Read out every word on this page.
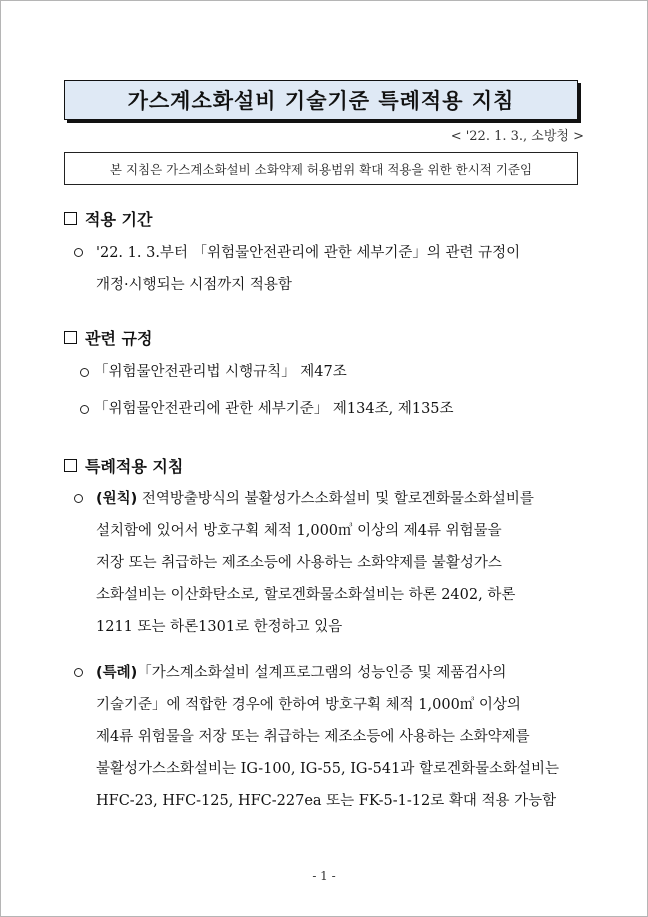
가스계소화설비 기술기준 특례적용 지침
< '22. 1. 3., 소방청 >
본 지침은 가스계소화설비 소화약제 허용범위 확대 적용을 위한 한시적 기준임
적용 기간
'22. 1. 3.부터 「위험물안전관리에 관한 세부기준」의 관련 규정이
개정·시행되는 시점까지 적용함
관련 규정
「위험물안전관리법 시행규칙」 제47조
「위험물안전관리에 관한 세부기준」 제134조, 제135조
특례적용 지침
(원칙) 전역방출방식의 불활성가스소화설비 및 할로겐화물소화설비를
설치함에 있어서 방호구획 체적 1,000㎥ 이상의 제4류 위험물을
저장 또는 취급하는 제조소등에 사용하는 소화약제를 불활성가스
소화설비는 이산화탄소로, 할로겐화물소화설비는 하론 2402, 하론
1211 또는 하론1301로 한정하고 있음
(특례)「가스계소화설비 설계프로그램의 성능인증 및 제품검사의
기술기준」에 적합한 경우에 한하여 방호구획 체적 1,000㎥ 이상의
제4류 위험물을 저장 또는 취급하는 제조소등에 사용하는 소화약제를
불활성가스소화설비는 IG-100, IG-55, IG-541과 할로겐화물소화설비는
HFC-23, HFC-125, HFC-227ea 또는 FK-5-1-12로 확대 적용 가능함
- 1 -
